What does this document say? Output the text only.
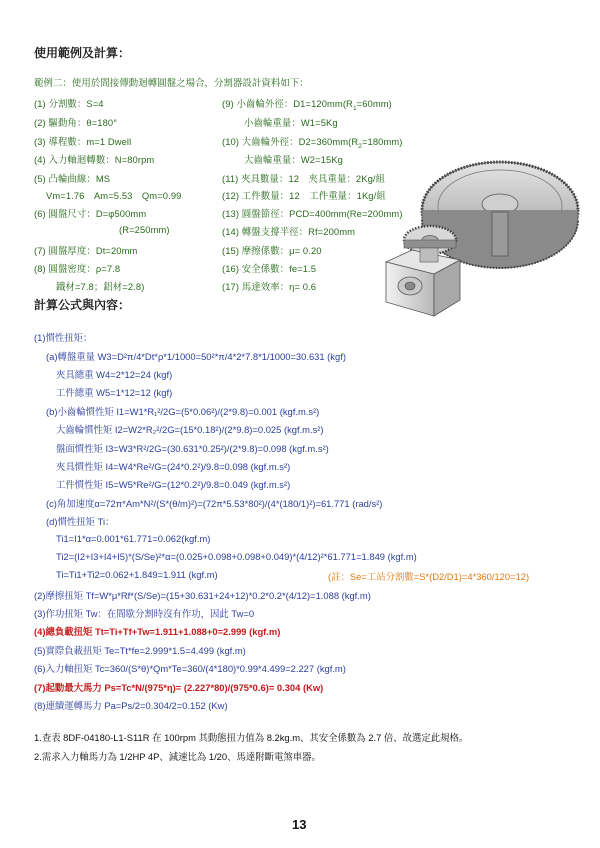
使用範例及計算：
範例二：使用於間接傳動迴轉圓盤之場合，分割器設計資料如下：
(1) 分割數：S=4
(2) 驅動角：θ=180°
(3) 導程數：m=1 Dwell
(4) 入力軸迴轉數：N=80rpm
(5) 凸輪曲線：MS
Vm=1.76　Am=5.53　Qm=0.99
(6) 圓盤尺寸：D=φ500mm
(R=250mm)
(7) 圓盤厚度：Dt=20mm
(8) 圓盤密度：ρ=7.8
鐵材=7.8；鋁材=2.8)
(9) 小齒輪外徑：$D1=120mm(R_1=60mm)$
小齒輪重量：W1=5Kg
(10) 大齒輪外徑：$D2=360mm(R_2=180mm)$
大齒輪重量：W2=15Kg
(11) 夾具數量：12　夾具重量：2Kg/組
(12) 工件數量：12　工件重量：1Kg/組
(13) 圓盤節徑：PCD=400mm(Re=200mm)
(14) 轉盤支撐半徑：Rf=200mm
(15) 摩擦係數：μ= 0.20
(16) 安全係數：fe=1.5
(17) 馬達效率：η= 0.6
計算公式與內容：
(1)慣性扭矩：
(a)轉盤重量 W3=D²π/4*Dt*ρ*1/1000=50²*π/4*2*7.8*1/1000=30.631 (kgf)
夾具總重 W4=2*12=24 (kgf)
工件總重 W5=1*12=12 (kgf)
(b)小齒輪慣性矩 I1=W1*R₁²/2G=(5*0.06²)/(2*9.8)=0.001 (kgf.m.s²)
大齒輪慣性矩 I2=W2*R₂²/2G=(15*0.18²)/(2*9.8)=0.025 (kgf.m.s²)
盤面慣性矩 I3=W3*R²/2G=(30.631*0.25²)/(2*9.8)=0.098 (kgf.m.s²)
夾具慣性矩 I4=W4*Re²/G=(24*0.2²)/9.8=0.098 (kgf.m.s²)
工件慣性矩 I5=W5*Re²/G=(12*0.2²)/9.8=0.049 (kgf.m.s²)
(c)角加速度α=72π*Am*N²/(S*(θ/m)²)=(72π*5.53*80²)/(4*(180/1)²)=61.771 (rad/s²)
(d)慣性扭矩 Ti：
Ti1=I1*α=0.001*61.771=0.062(kgf.m)
Ti2=(I2+I3+I4+I5)*(S/Se)²*α=(0.025+0.098+0.098+0.049)*(4/12)²*61.771=1.849 (kgf.m)
Ti=Ti1+Ti2=0.062+1.849=1.911 (kgf.m)	(註：Se=工站分割數=S*(D2/D1)=4*360/120=12)
(2)摩擦扭矩 Tf=W*μ*Rf*(S/Se)=(15+30.631+24+12)*0.2*0.2*(4/12)=1.088 (kgf.m)
(3)作功扭矩 Tw：在間歇分割時沒有作功，因此 Tw=0
(4)總負載扭矩 Tt=Ti+Tf+Tw=1.911+1.088+0=2.999 (kgf.m)
(5)實際負載扭矩 Te=Tt*fe=2.999*1.5=4.499 (kgf.m)
(6)入力軸扭矩 Tc=360/(S*θ)*Qm*Te=360/(4*180)*0.99*4.499=2.227 (kgf.m)
(7)起動最大馬力 Ps=Tc*N/(975*η)= (2.227*80)/(975*0.6)= 0.304 (Kw)
(8)連續運轉馬力 Pa=Ps/2=0.304/2=0.152 (Kw)
1.查表 8DF-04180-L1-S11R 在 100rpm 其動態扭力值為 8.2kg.m、其安全係數為 2.7 倍、故選定此規格。
2.需求入力軸馬力為 1/2HP 4P、減速比為 1/20、馬達附斷電煞車器。
13
